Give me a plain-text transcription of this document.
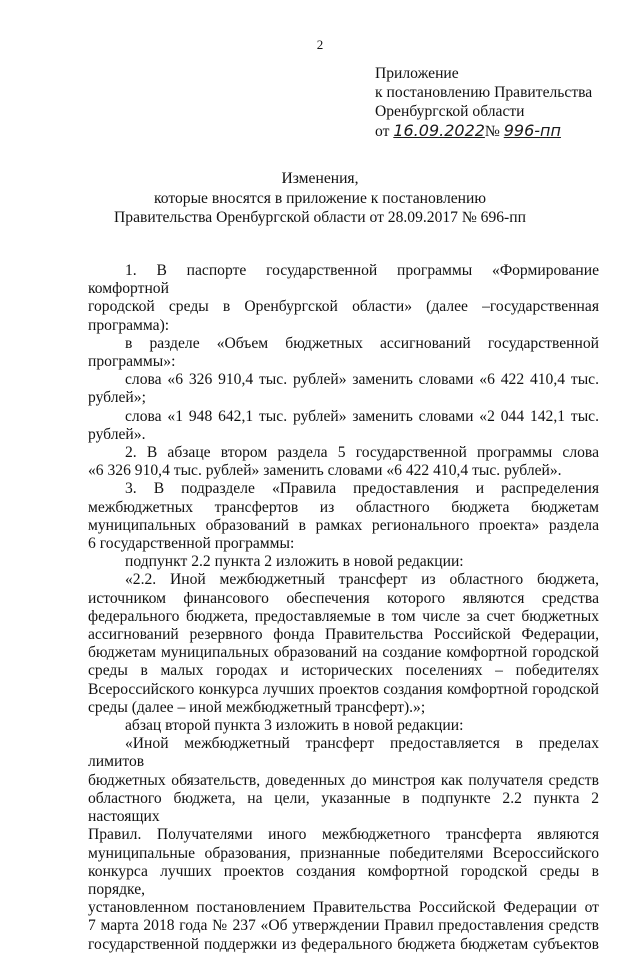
2
Приложение
к постановлению Правительства
Оренбургской области
от 16.09.2022№ 996-пп
Изменения,
которые вносятся в приложение к постановлению
Правительства Оренбургской области от 28.09.2017 № 696-пп
1. В паспорте государственной программы «Формирование комфортной
городской среды в Оренбургской области» (далее –государственная
программа):
в разделе «Объем бюджетных ассигнований государственной
программы»:
слова «6 326 910,4 тыс. рублей» заменить словами «6 422 410,4 тыс.
рублей»;
слова «1 948 642,1 тыс. рублей» заменить словами «2 044 142,1 тыс.
рублей».
2. В абзаце втором раздела 5 государственной программы слова
«6 326 910,4 тыс. рублей» заменить словами «6 422 410,4 тыс. рублей».
3. В подразделе «Правила предоставления и распределения
межбюджетных трансфертов из областного бюджета бюджетам
муниципальных образований в рамках регионального проекта» раздела
6 государственной программы:
подпункт 2.2 пункта 2 изложить в новой редакции:
«2.2. Иной межбюджетный трансферт из областного бюджета,
источником финансового обеспечения которого являются средства
федерального бюджета, предоставляемые в том числе за счет бюджетных
ассигнований резервного фонда Правительства Российской Федерации,
бюджетам муниципальных образований на создание комфортной городской
среды в малых городах и исторических поселениях – победителях
Всероссийского конкурса лучших проектов создания комфортной городской
среды (далее – иной межбюджетный трансферт).»;
абзац второй пункта 3 изложить в новой редакции:
«Иной межбюджетный трансферт предоставляется в пределах лимитов
бюджетных обязательств, доведенных до минстроя как получателя средств
областного бюджета, на цели, указанные в подпункте 2.2 пункта 2 настоящих
Правил. Получателями иного межбюджетного трансферта являются
муниципальные образования, признанные победителями Всероссийского
конкурса лучших проектов создания комфортной городской среды в порядке,
установленном постановлением Правительства Российской Федерации от
7 марта 2018 года № 237 «Об утверждении Правил предоставления средств
государственной поддержки из федерального бюджета бюджетам субъектов
